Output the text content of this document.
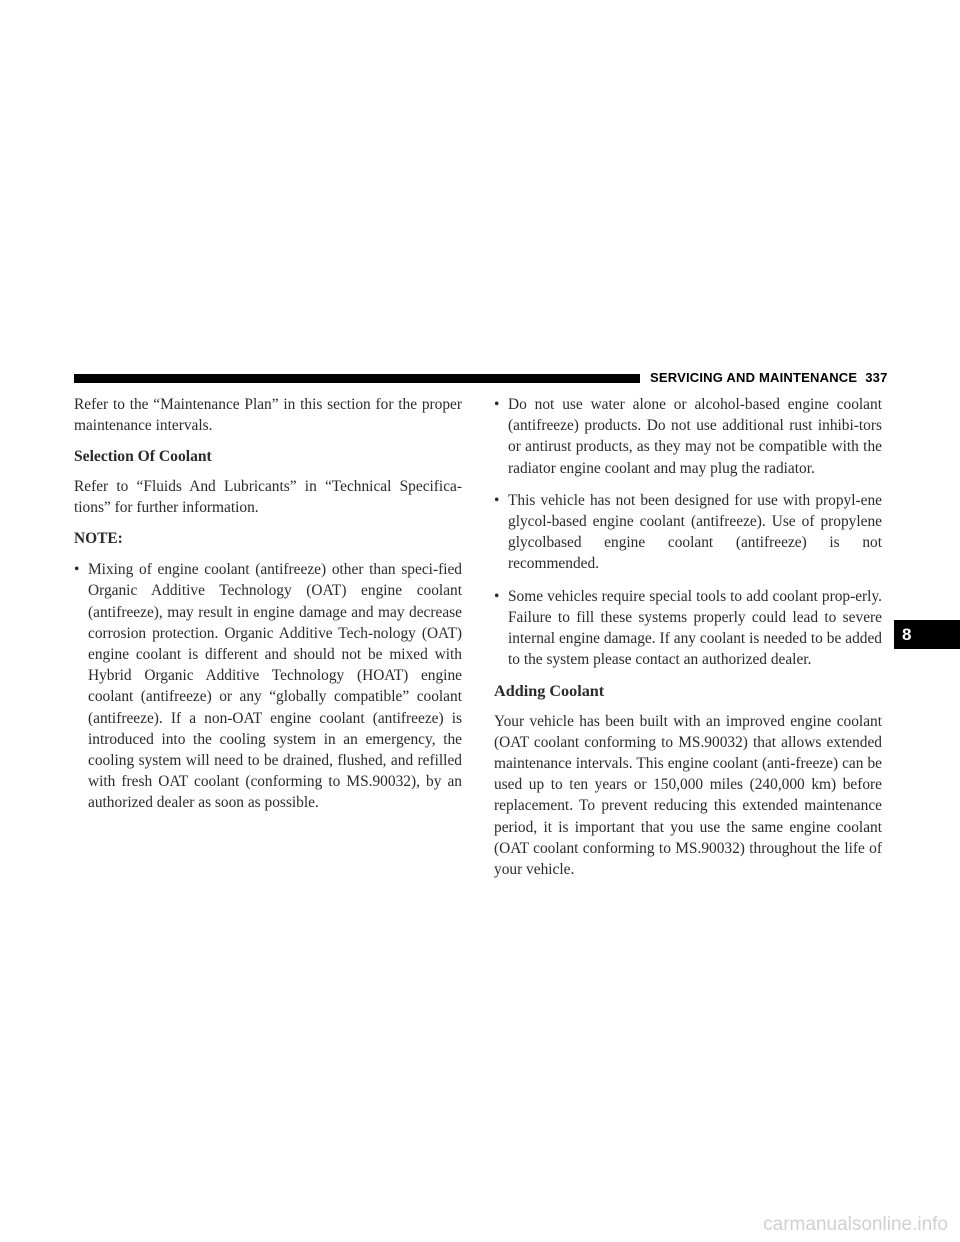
SERVICING AND MAINTENANCE 337

Refer to the “Maintenance Plan” in this section for the proper maintenance intervals.

Selection Of Coolant

Refer to “Fluids And Lubricants” in “Technical Specifica-tions” for further information.

NOTE:
• Mixing of engine coolant (antifreeze) other than speci-fied Organic Additive Technology (OAT) engine coolant (antifreeze), may result in engine damage and may decrease corrosion protection. Organic Additive Tech-nology (OAT) engine coolant is different and should not be mixed with Hybrid Organic Additive Technology (HOAT) engine coolant (antifreeze) or any “globally compatible” coolant (antifreeze). If a non-OAT engine coolant (antifreeze) is introduced into the cooling system in an emergency, the cooling system will need to be drained, flushed, and refilled with fresh OAT coolant (conforming to MS.90032), by an authorized dealer as soon as possible.
• Do not use water alone or alcohol-based engine coolant (antifreeze) products. Do not use additional rust inhibi-tors or antirust products, as they may not be compatible with the radiator engine coolant and may plug the radiator.
• This vehicle has not been designed for use with propyl-ene glycol-based engine coolant (antifreeze). Use of propylene glycolbased engine coolant (antifreeze) is not recommended.
• Some vehicles require special tools to add coolant prop-erly. Failure to fill these systems properly could lead to severe internal engine damage. If any coolant is needed to be added to the system please contact an authorized dealer.
Adding Coolant

Your vehicle has been built with an improved engine coolant (OAT coolant conforming to MS.90032) that allows extended maintenance intervals. This engine coolant (anti-freeze) can be used up to ten years or 150,000 miles (240,000 km) before replacement. To prevent reducing this extended maintenance period, it is important that you use the same engine coolant (OAT coolant conforming to MS.90032) throughout the life of your vehicle.

8
carmanualsonline.info
